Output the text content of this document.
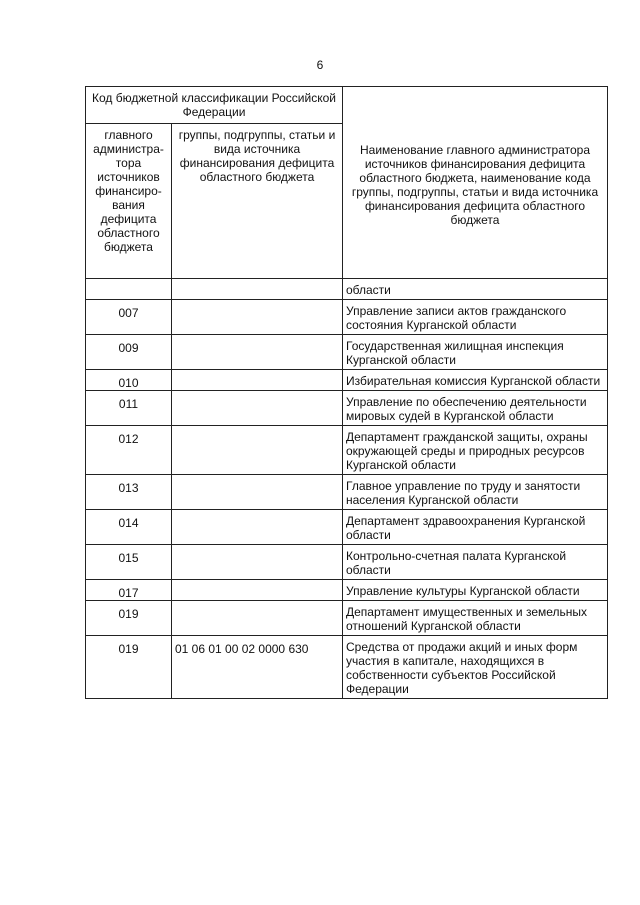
6
Код бюджетной классификации Российской Федерации		Наименование главного администратора источников финансирования дефицита областного бюджета, наименование кода группы, подгруппы, статьи и вида источника финансирования дефицита областного бюджета
главного администра-тора источников финансиро-вания дефицита областного бюджета	группы, подгруппы, статьи и вида источника финансирования дефицита областного бюджета	
		области
007		Управление записи актов гражданского состояния Курганской области
009		Государственная жилищная инспекция Курганской области
010		Избирательная комиссия Курганской области
011		Управление по обеспечению деятельности мировых судей в Курганской области
012		Департамент гражданской защиты, охраны окружающей среды и природных ресурсов Курганской области
013		Главное управление по труду и занятости населения Курганской области
014		Департамент здравоохранения Курганской области
015		Контрольно-счетная палата Курганской области
017		Управление культуры Курганской области
019		Департамент имущественных и земельных отношений Курганской области
019	01 06 01 00 02 0000 630	Средства от продажи акций и иных форм участия в капитале, находящихся в собственности субъектов Российской Федерации
